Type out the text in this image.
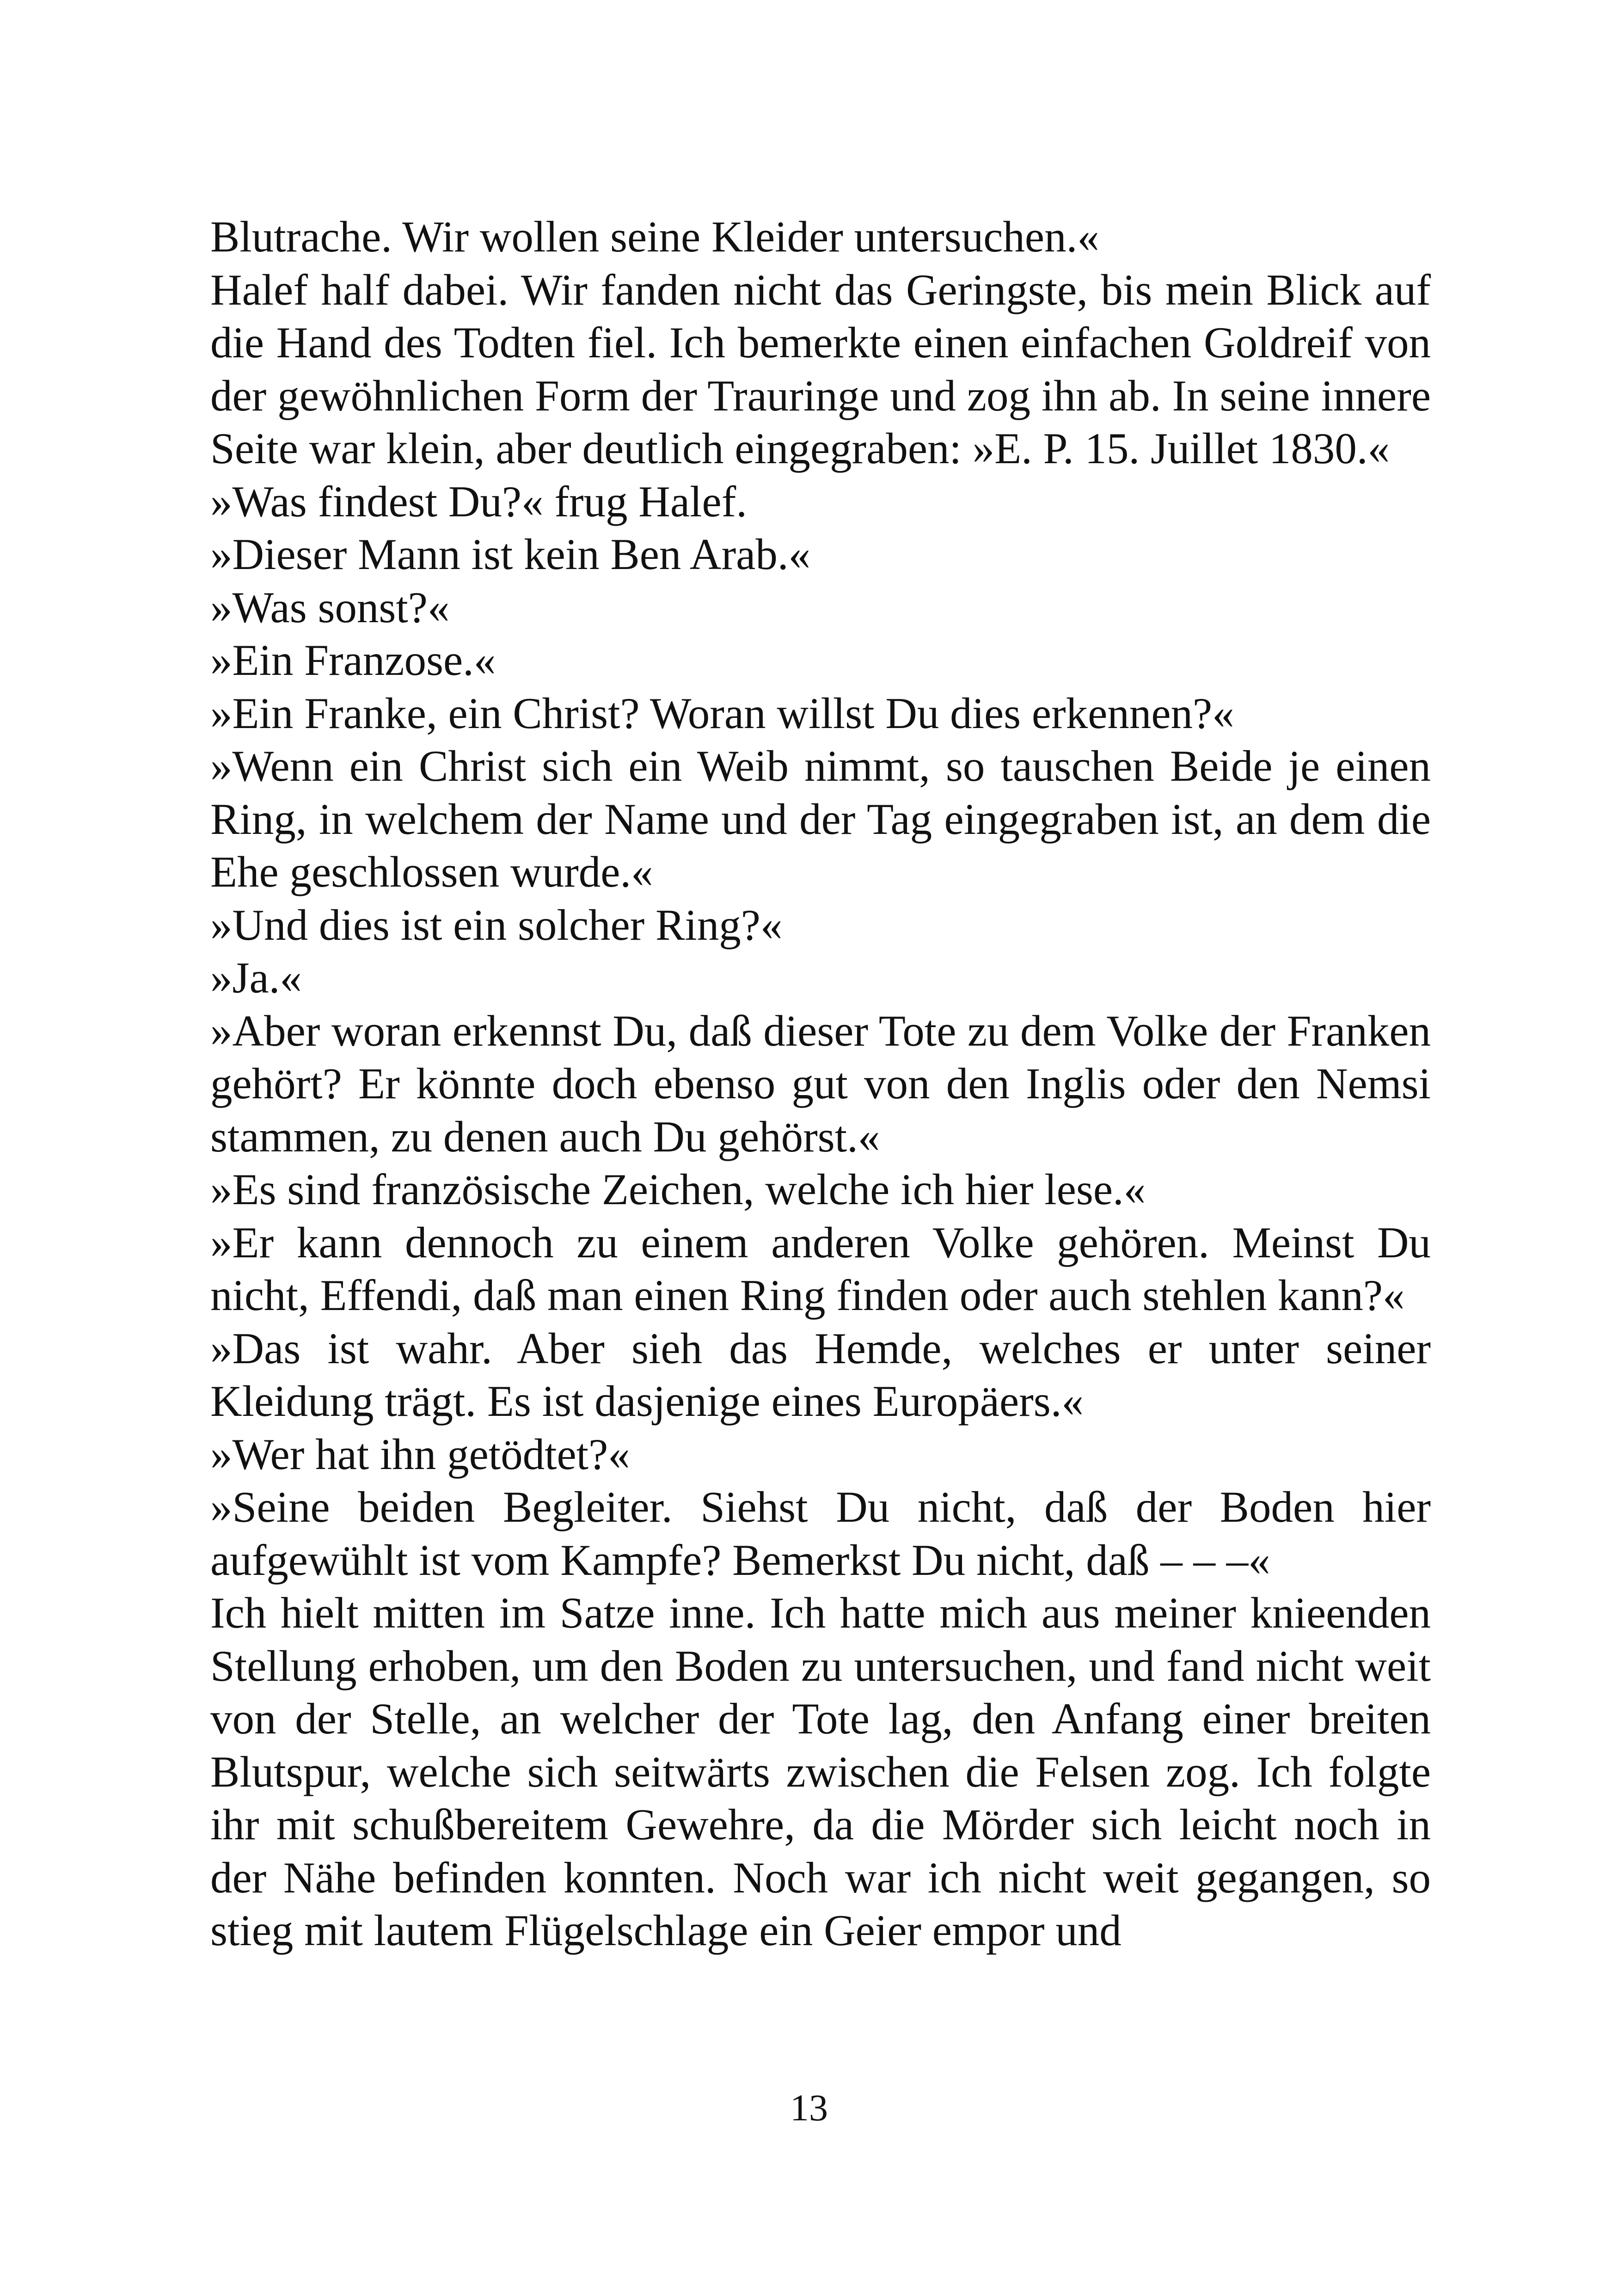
Blutrache. Wir wollen seine Kleider untersuchen.«

Halef half dabei. Wir fanden nicht das Geringste, bis mein Blick auf die Hand des Todten fiel. Ich bemerkte einen einfachen Goldreif von der gewöhnlichen Form der Trauringe und zog ihn ab. In seine innere Seite war klein, aber deutlich eingegraben: »E. P. 15. Juillet 1830.«

»Was findest Du?« frug Halef.

»Dieser Mann ist kein Ben Arab.«

»Was sonst?«

»Ein Franzose.«

»Ein Franke, ein Christ? Woran willst Du dies erkennen?«

»Wenn ein Christ sich ein Weib nimmt, so tauschen Beide je einen Ring, in welchem der Name und der Tag eingegraben ist, an dem die Ehe geschlossen wurde.«

»Und dies ist ein solcher Ring?«

»Ja.«

»Aber woran erkennst Du, daß dieser Tote zu dem Volke der Franken gehört? Er könnte doch ebenso gut von den Inglis oder den Nemsi stammen, zu denen auch Du gehörst.«

»Es sind französische Zeichen, welche ich hier lese.«

»Er kann dennoch zu einem anderen Volke gehören. Meinst Du nicht, Effendi, daß man einen Ring finden oder auch stehlen kann?«

»Das ist wahr. Aber sieh das Hemde, welches er unter seiner Kleidung trägt. Es ist dasjenige eines Europäers.«

»Wer hat ihn getödtet?«

»Seine beiden Begleiter. Siehst Du nicht, daß der Boden hier aufgewühlt ist vom Kampfe? Bemerkst Du nicht, daß – – –«

Ich hielt mitten im Satze inne. Ich hatte mich aus meiner knieenden Stellung erhoben, um den Boden zu untersuchen, und fand nicht weit von der Stelle, an welcher der Tote lag, den Anfang einer breiten Blutspur, welche sich seitwärts zwischen die Felsen zog. Ich folgte ihr mit schußbereitem Gewehre, da die Mörder sich leicht noch in der Nähe befinden konnten. Noch war ich nicht weit gegangen, so stieg mit lautem Flügelschlage ein Geier empor und

13
